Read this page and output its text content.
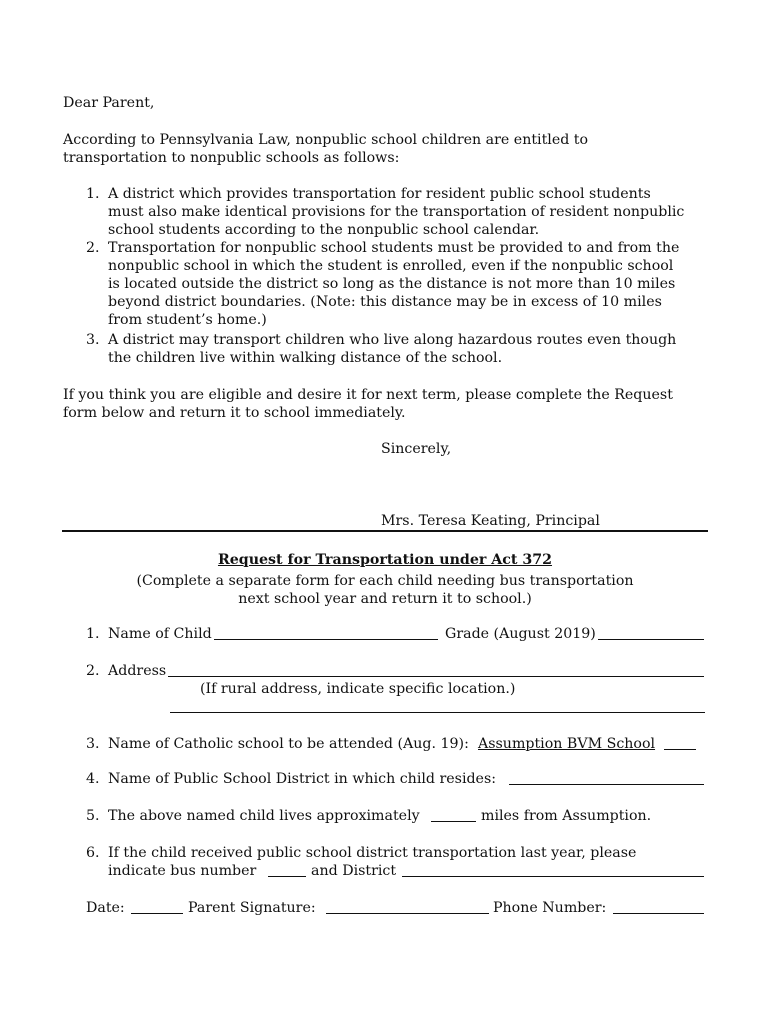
Dear Parent,
According to Pennsylvania Law, nonpublic school children are entitled to
transportation to nonpublic schools as follows:
1. A district which provides transportation for resident public school students
must also make identical provisions for the transportation of resident nonpublic
school students according to the nonpublic school calendar.
2. Transportation for nonpublic school students must be provided to and from the
nonpublic school in which the student is enrolled, even if the nonpublic school
is located outside the district so long as the distance is not more than 10 miles
beyond district boundaries. (Note: this distance may be in excess of 10 miles
from student’s home.)
3. A district may transport children who live along hazardous routes even though
the children live within walking distance of the school.
If you think you are eligible and desire it for next term, please complete the Request
form below and return it to school immediately.
Sincerely,
Mrs. Teresa Keating, Principal
Request for Transportation under Act 372
(Complete a separate form for each child needing bus transportation
next school year and return it to school.)
1. Name of Child	Grade (August 2019)
2. Address
(If rural address, indicate specific location.)
3. Name of Catholic school to be attended (Aug. 19): Assumption BVM School
4. Name of Public School District in which child resides:
5. The above named child lives approximately	miles from Assumption.
6. If the child received public school district transportation last year, please
indicate bus number	and District
Date:	Parent Signature:	Phone Number:
